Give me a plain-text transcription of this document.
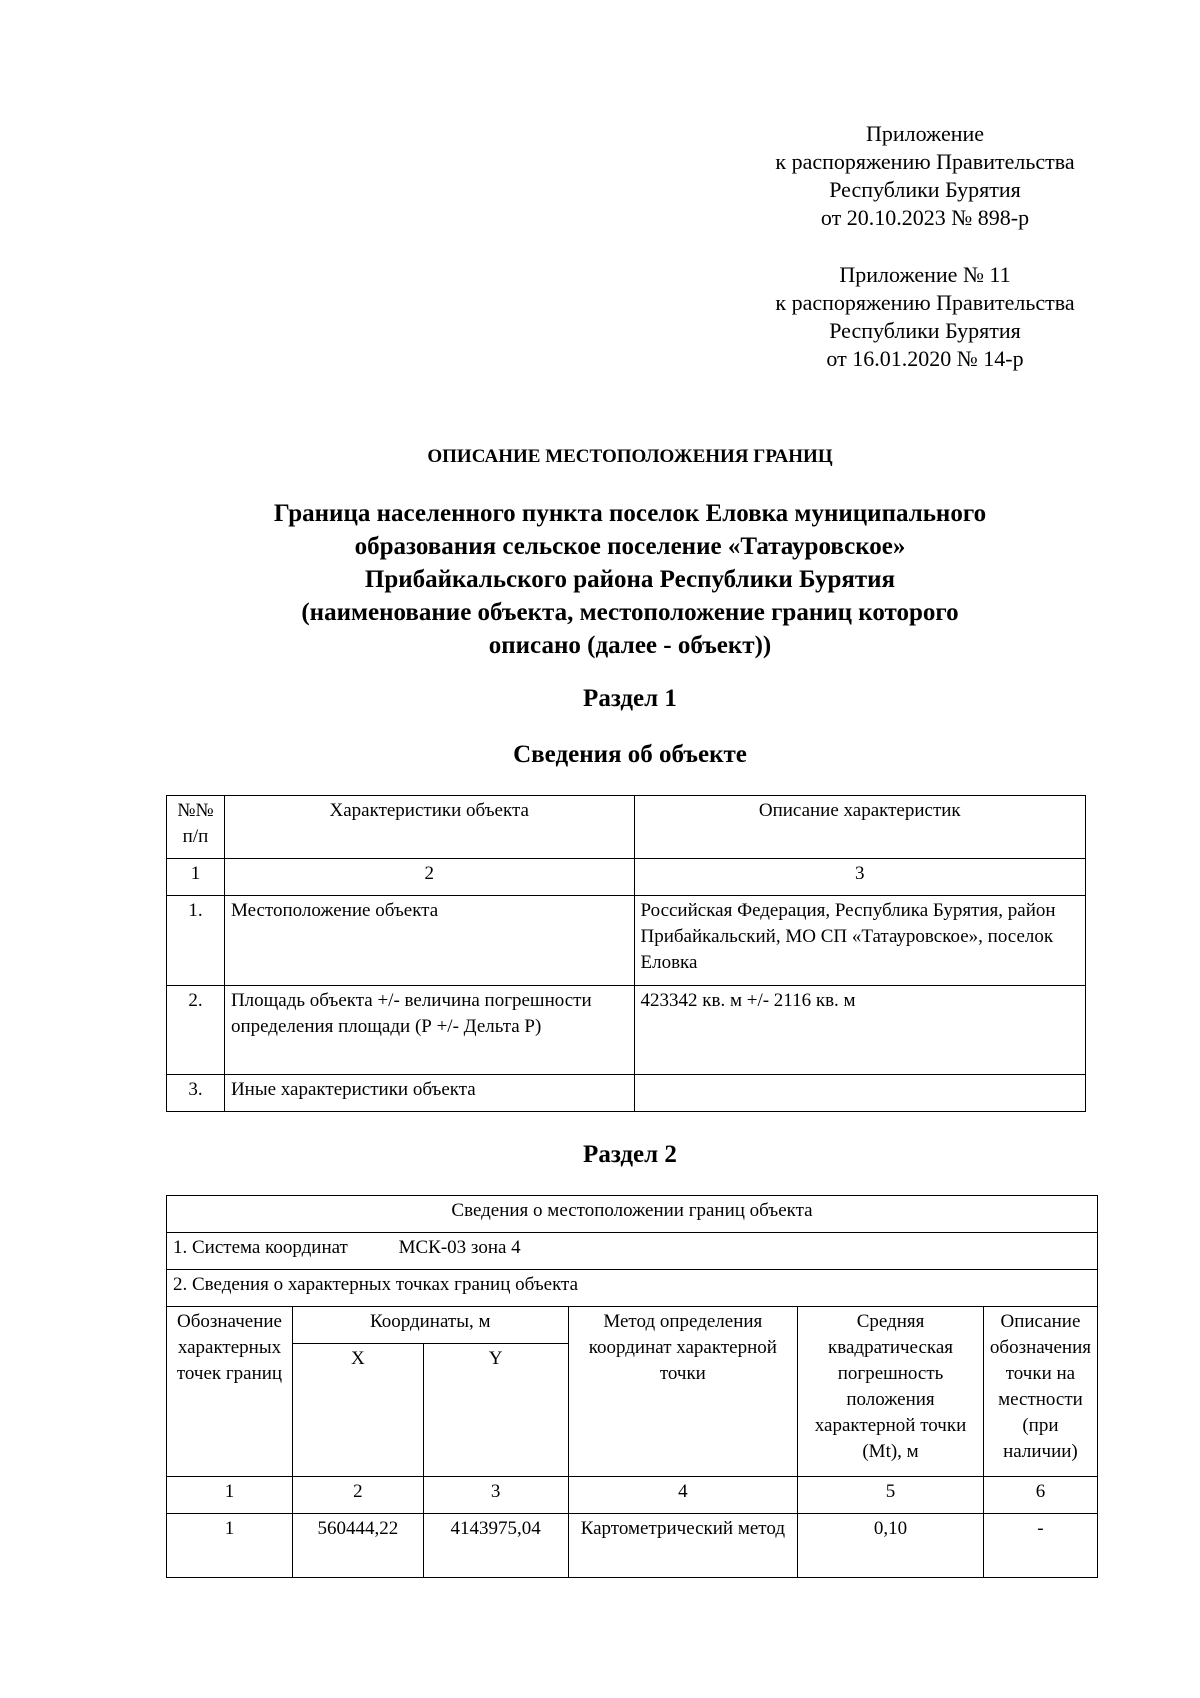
Приложение
к распоряжению Правительства
Республики Бурятия
от 20.10.2023 № 898-р
Приложение № 11
к распоряжению Правительства
Республики Бурятия
от 16.01.2020 № 14-р
ОПИСАНИЕ МЕСТОПОЛОЖЕНИЯ ГРАНИЦ
Граница населенного пункта поселок Еловка муниципального
образования сельское поселение «Татауровское»
Прибайкальского района Республики Бурятия
(наименование объекта, местоположение границ которого
описано (далее - объект))
Раздел 1
Сведения об объекте
№№ п/п	Характеристики объекта	Описание характеристик
1	2	3
1.	Местоположение объекта	Российская Федерация, Республика Бурятия, район Прибайкальский, МО СП «Татауровское», поселок Еловка
2.	Площадь объекта +/- величина погрешности определения площади (Р +/- Дельта Р)	423342 кв. м +/- 2116 кв. м
3.	Иные характеристики объекта	
Раздел 2
Сведения о местоположении границ объекта					
1. Система координат МСК-03 зона 4					
2. Сведения о характерных точках границ объекта					
Обозначение характерных точек границ	Координаты, м		Метод определения координат характерной точки	Средняя квадратическая погрешность положения характерной точки (Mt), м	Описание обозначения точки на местности (при наличии)
	X	Y			
1	2	3	4	5	6
1	560444,22	4143975,04	Картометрический метод	0,10	-
